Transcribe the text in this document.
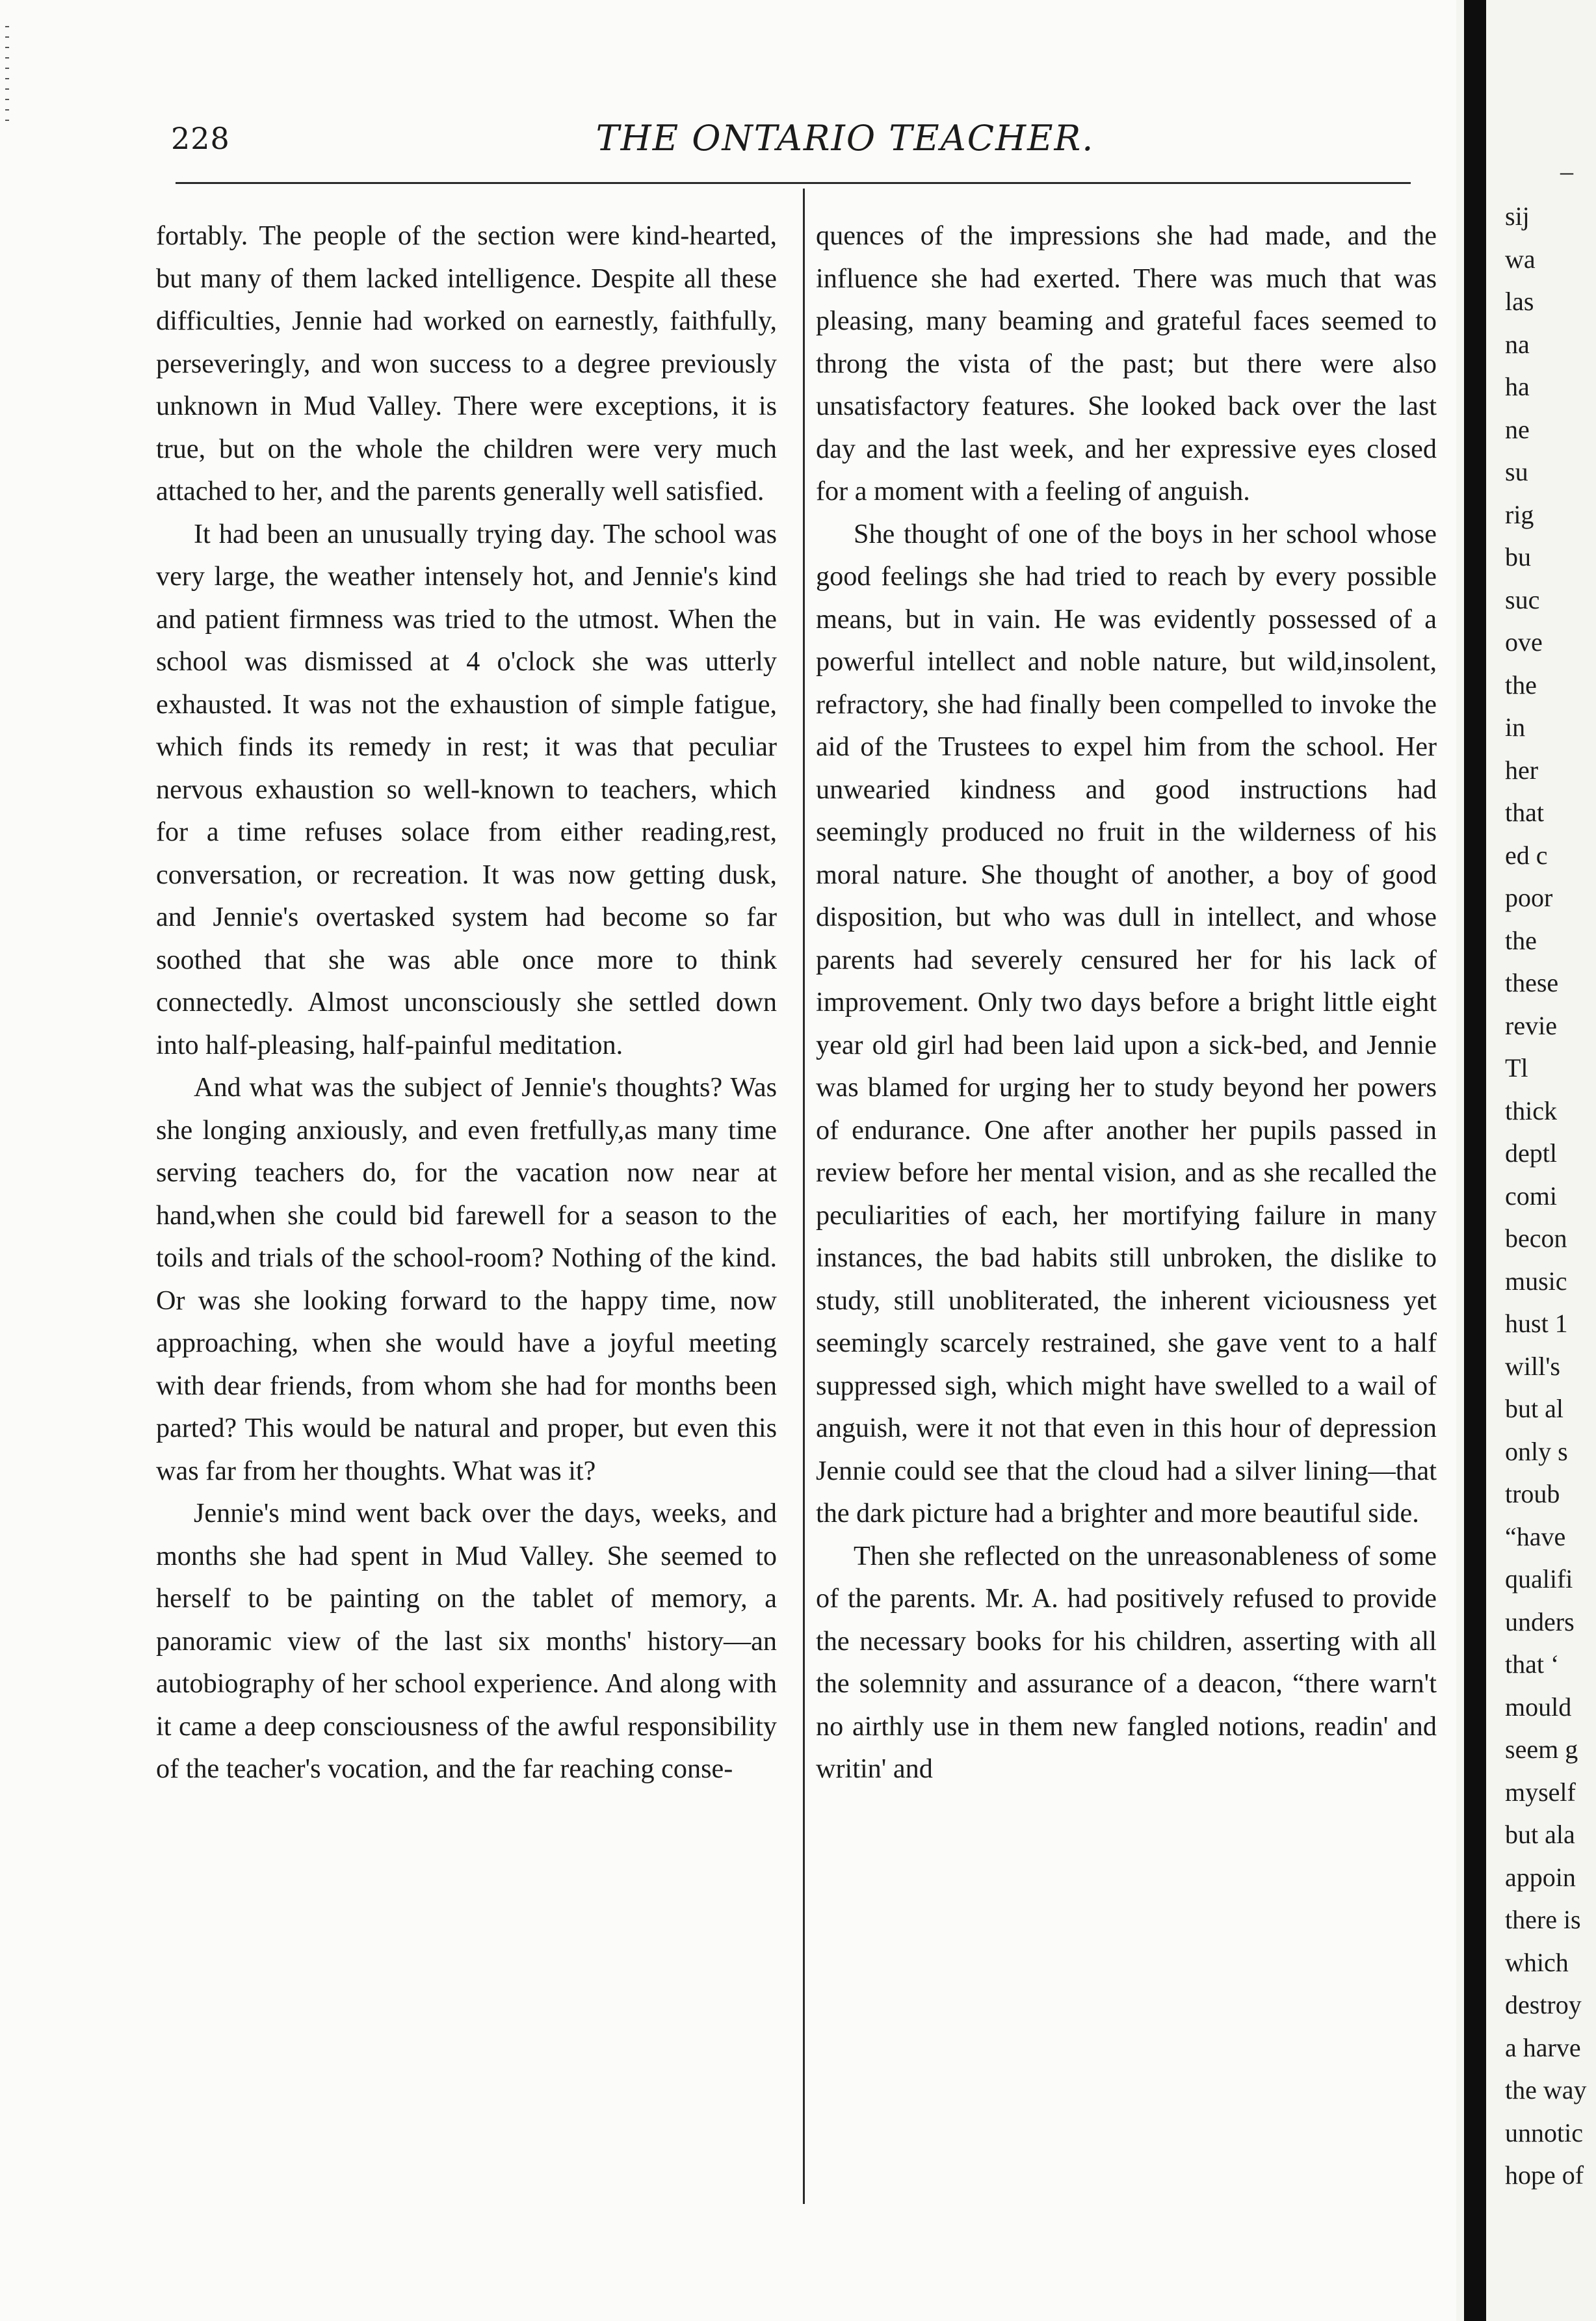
228	THE ONTARIO TEACHER.

fortably. The people of the section were kind-hearted, but many of them lacked intelligence. Despite all these difficulties, Jennie had worked on earnestly, faithfully, perseveringly, and won success to a degree previously unknown in Mud Valley. There were exceptions, it is true, but on the whole the children were very much attached to her, and the parents generally well satisfied.

It had been an unusually trying day. The school was very large, the weather intensely hot, and Jennie's kind and patient firmness was tried to the utmost. When the school was dismissed at 4 o'clock she was utterly exhausted. It was not the exhaustion of simple fatigue, which finds its remedy in rest; it was that peculiar nervous exhaustion so well-known to teachers, which for a time refuses solace from either reading,rest, conversation, or recreation. It was now getting dusk, and Jennie's overtasked system had become so far soothed that she was able once more to think connectedly. Almost unconsciously she settled down into half-pleasing, half-painful meditation.

And what was the subject of Jennie's thoughts? Was she longing anxiously, and even fretfully,as many time serving teachers do, for the vacation now near at hand,when she could bid farewell for a season to the toils and trials of the school-room? Nothing of the kind. Or was she looking forward to the happy time, now approaching, when she would have a joyful meeting with dear friends, from whom she had for months been parted? This would be natural and proper, but even this was far from her thoughts. What was it?

Jennie's mind went back over the days, weeks, and months she had spent in Mud Valley. She seemed to herself to be painting on the tablet of memory, a panoramic view of the last six months' history—an autobiography of her school experience. And along with it came a deep consciousness of the awful responsibility of the teacher's vocation, and the far reaching conse-

quences of the impressions she had made, and the influence she had exerted. There was much that was pleasing, many beaming and grateful faces seemed to throng the vista of the past; but there were also unsatisfactory features. She looked back over the last day and the last week, and her expressive eyes closed for a moment with a feeling of anguish.

She thought of one of the boys in her school whose good feelings she had tried to reach by every possible means, but in vain. He was evidently possessed of a powerful intellect and noble nature, but wild,insolent, refractory, she had finally been compelled to invoke the aid of the Trustees to expel him from the school. Her unwearied kindness and good instructions had seemingly produced no fruit in the wilderness of his moral nature. She thought of another, a boy of good disposition, but who was dull in intellect, and whose parents had severely censured her for his lack of improvement. Only two days before a bright little eight year old girl had been laid upon a sick-bed, and Jennie was blamed for urging her to study beyond her powers of endurance. One after another her pupils passed in review before her mental vision, and as she recalled the peculiarities of each, her mortifying failure in many instances, the bad habits still unbroken, the dislike to study, still unobliterated, the inherent viciousness yet seemingly scarcely restrained, she gave vent to a half suppressed sigh, which might have swelled to a wail of anguish, were it not that even in this hour of depression Jennie could see that the cloud had a silver lining—that the dark picture had a brighter and more beautiful side.

Then she reflected on the unreasonableness of some of the parents. Mr. A. had positively refused to provide the necessary books for his children, asserting with all the solemnity and assurance of a deacon, “there warn't no airthly use in them new fangled notions, readin' and writin' and

–
sij
wa
las
na
ha
ne
su
rig
bu
suc
ove
the
in
her
that
ed c
poor
the
these
revie
Tl
thick
deptl
comi
becon
music
hust 1
will's
but al
only s
troub
“have
qualifi
unders
that ‘
mould
seem g
myself
but ala
appoin
there is
which
destroy
a harve
the way
unnotic
hope of
